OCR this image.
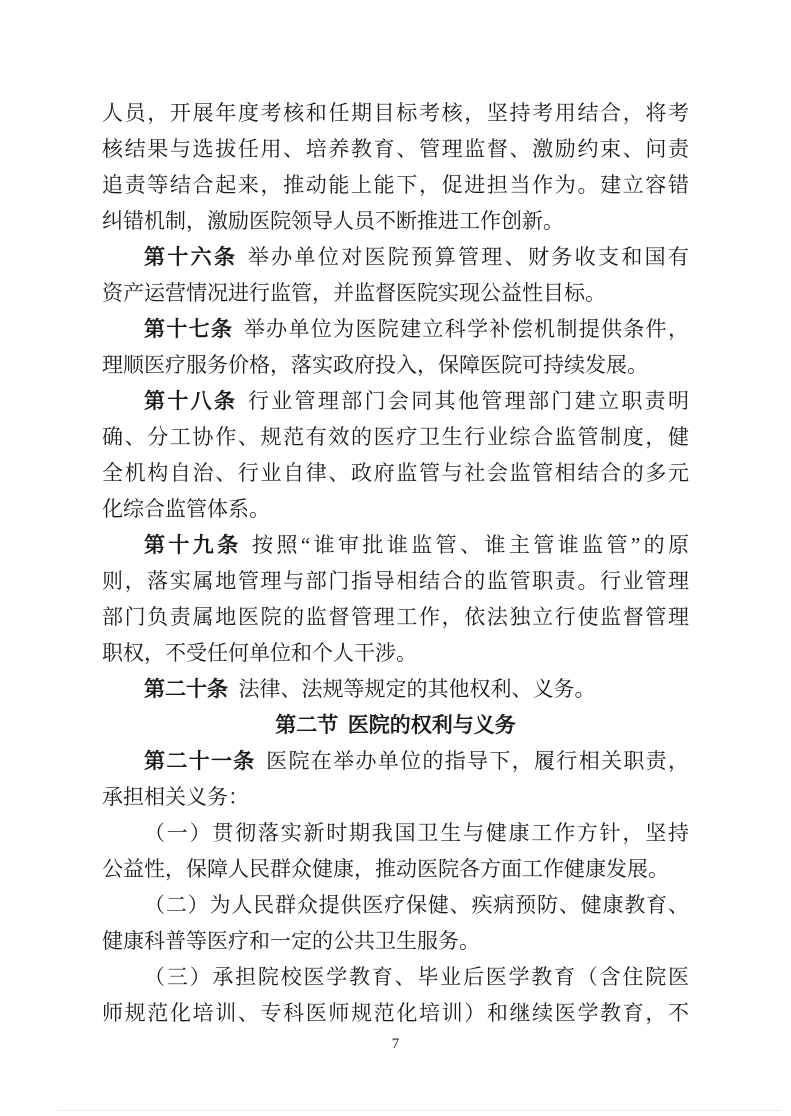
人员，开展年度考核和任期目标考核，坚持考用结合，将考
核结果与选拔任用、培养教育、管理监督、激励约束、问责
追责等结合起来，推动能上能下，促进担当作为。建立容错
纠错机制，激励医院领导人员不断推进工作创新。
第十六条 举办单位对医院预算管理、财务收支和国有
资产运营情况进行监管，并监督医院实现公益性目标。
第十七条 举办单位为医院建立科学补偿机制提供条件，
理顺医疗服务价格，落实政府投入，保障医院可持续发展。
第十八条 行业管理部门会同其他管理部门建立职责明
确、分工协作、规范有效的医疗卫生行业综合监管制度，健
全机构自治、行业自律、政府监管与社会监管相结合的多元
化综合监管体系。
第十九条 按照“谁审批谁监管、谁主管谁监管”的原
则，落实属地管理与部门指导相结合的监管职责。行业管理
部门负责属地医院的监督管理工作，依法独立行使监督管理
职权，不受任何单位和个人干涉。
第二十条 法律、法规等规定的其他权利、义务。
第二节 医院的权利与义务
第二十一条 医院在举办单位的指导下，履行相关职责，
承担相关义务：
（一）贯彻落实新时期我国卫生与健康工作方针，坚持
公益性，保障人民群众健康，推动医院各方面工作健康发展。
（二）为人民群众提供医疗保健、疾病预防、健康教育、
健康科普等医疗和一定的公共卫生服务。
（三）承担院校医学教育、毕业后医学教育（含住院医
师规范化培训、专科医师规范化培训）和继续医学教育，不
7
